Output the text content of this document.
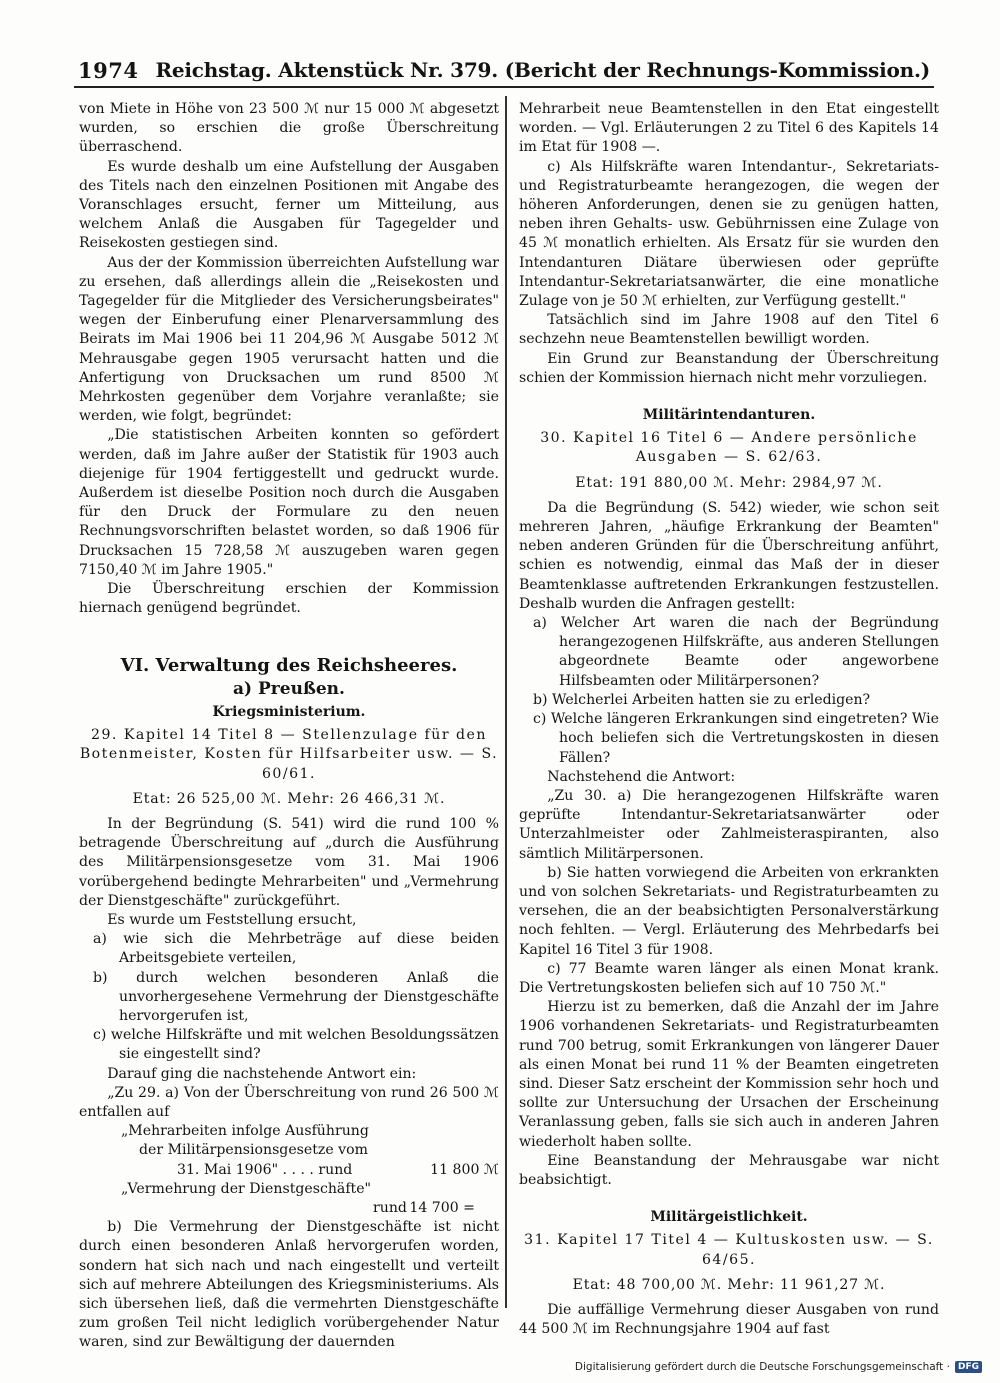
1974 Reichstag. Aktenstück Nr. 379. (Bericht der Rechnungs-Kommission.)

von Miete in Höhe von 23 500 ℳ nur 15 000 ℳ abgesetzt wurden, so erschien die große Überschreitung überraschend.

Es wurde deshalb um eine Aufstellung der Ausgaben des Titels nach den einzelnen Positionen mit Angabe des Voranschlages ersucht, ferner um Mitteilung, aus welchem Anlaß die Ausgaben für Tagegelder und Reisekosten gestiegen sind.

Aus der der Kommission überreichten Aufstellung war zu ersehen, daß allerdings allein die „Reisekosten und Tagegelder für die Mitglieder des Versicherungsbeirates" wegen der Einberufung einer Plenarversammlung des Beirats im Mai 1906 bei 11 204,96 ℳ Ausgabe 5012 ℳ Mehrausgabe gegen 1905 verursacht hatten und die Anfertigung von Drucksachen um rund 8500 ℳ Mehrkosten gegenüber dem Vorjahre veranlaßte; sie werden, wie folgt, begründet:

„Die statistischen Arbeiten konnten so gefördert werden, daß im Jahre außer der Statistik für 1903 auch diejenige für 1904 fertiggestellt und gedruckt wurde. Außerdem ist dieselbe Position noch durch die Ausgaben für den Druck der Formulare zu den neuen Rechnungsvorschriften belastet worden, so daß 1906 für Drucksachen 15 728,58 ℳ auszugeben waren gegen 7150,40 ℳ im Jahre 1905."

Die Überschreitung erschien der Kommission hiernach genügend begründet.

VI. Verwaltung des Reichsheeres.

a) Preußen.

Kriegsministerium.

29. Kapitel 14 Titel 8 — Stellenzulage für den Botenmeister, Kosten für Hilfsarbeiter usw. — S. 60/61.

Etat: 26 525,00 ℳ. Mehr: 26 466,31 ℳ.

In der Begründung (S. 541) wird die rund 100 % betragende Überschreitung auf „durch die Ausführung des Militärpensionsgesetze vom 31. Mai 1906 vorübergehend bedingte Mehrarbeiten" und „Vermehrung der Dienstgeschäfte" zurückgeführt.

Es wurde um Feststellung ersucht,

a) wie sich die Mehrbeträge auf diese beiden Arbeitsgebiete verteilen,

b) durch welchen besonderen Anlaß die unvorhergesehene Vermehrung der Dienstgeschäfte hervorgerufen ist,

c) welche Hilfskräfte und mit welchen Besoldungssätzen sie eingestellt sind?

Darauf ging die nachstehende Antwort ein:

„Zu 29. a) Von der Überschreitung von rund 26 500 ℳ entfallen auf

„Mehrarbeiten infolge Ausführung

der Militärpensionsgesetze vom

31. Mai 1906" . . . . rund	11 800 ℳ

„Vermehrung der Dienstgeschäfte"

rund 14 700 =

b) Die Vermehrung der Dienstgeschäfte ist nicht durch einen besonderen Anlaß hervorgerufen worden, sondern hat sich nach und nach eingestellt und verteilt sich auf mehrere Abteilungen des Kriegsministeriums. Als sich übersehen ließ, daß die vermehrten Dienstgeschäfte zum großen Teil nicht lediglich vorübergehender Natur waren, sind zur Bewältigung der dauernden

Mehrarbeit neue Beamtenstellen in den Etat eingestellt worden. — Vgl. Erläuterungen 2 zu Titel 6 des Kapitels 14 im Etat für 1908 —.

c) Als Hilfskräfte waren Intendantur-, Sekretariats- und Registraturbeamte herangezogen, die wegen der höheren Anforderungen, denen sie zu genügen hatten, neben ihren Gehalts- usw. Gebührnissen eine Zulage von 45 ℳ monatlich erhielten. Als Ersatz für sie wurden den Intendanturen Diätare überwiesen oder geprüfte Intendantur-Sekretariatsanwärter, die eine monatliche Zulage von je 50 ℳ erhielten, zur Verfügung gestellt."

Tatsächlich sind im Jahre 1908 auf den Titel 6 sechzehn neue Beamtenstellen bewilligt worden.

Ein Grund zur Beanstandung der Überschreitung schien der Kommission hiernach nicht mehr vorzuliegen.

Militärintendanturen.

30. Kapitel 16 Titel 6 — Andere persönliche Ausgaben — S. 62/63.

Etat: 191 880,00 ℳ. Mehr: 2984,97 ℳ.

Da die Begründung (S. 542) wieder, wie schon seit mehreren Jahren, „häufige Erkrankung der Beamten" neben anderen Gründen für die Überschreitung anführt, schien es notwendig, einmal das Maß der in dieser Beamtenklasse auftretenden Erkrankungen festzustellen. Deshalb wurden die Anfragen gestellt:

a) Welcher Art waren die nach der Begründung herangezogenen Hilfskräfte, aus anderen Stellungen abgeordnete Beamte oder angeworbene Hilfsbeamten oder Militärpersonen?

b) Welcherlei Arbeiten hatten sie zu erledigen?

c) Welche längeren Erkrankungen sind eingetreten? Wie hoch beliefen sich die Vertretungskosten in diesen Fällen?

Nachstehend die Antwort:

„Zu 30. a) Die herangezogenen Hilfskräfte waren geprüfte Intendantur-Sekretariatsanwärter oder Unterzahlmeister oder Zahlmeisteraspiranten, also sämtlich Militärpersonen.

b) Sie hatten vorwiegend die Arbeiten von erkrankten und von solchen Sekretariats- und Registraturbeamten zu versehen, die an der beabsichtigten Personalverstärkung noch fehlten. — Vergl. Erläuterung des Mehrbedarfs bei Kapitel 16 Titel 3 für 1908.

c) 77 Beamte waren länger als einen Monat krank. Die Vertretungskosten beliefen sich auf 10 750 ℳ."

Hierzu ist zu bemerken, daß die Anzahl der im Jahre 1906 vorhandenen Sekretariats- und Registraturbeamten rund 700 betrug, somit Erkrankungen von längerer Dauer als einen Monat bei rund 11 % der Beamten eingetreten sind. Dieser Satz erscheint der Kommission sehr hoch und sollte zur Untersuchung der Ursachen der Erscheinung Veranlassung geben, falls sie sich auch in anderen Jahren wiederholt haben sollte.

Eine Beanstandung der Mehrausgabe war nicht beabsichtigt.

Militärgeistlichkeit.

31. Kapitel 17 Titel 4 — Kultuskosten usw. — S. 64/65.

Etat: 48 700,00 ℳ. Mehr: 11 961,27 ℳ.

Die auffällige Vermehrung dieser Ausgaben von rund 44 500 ℳ im Rechnungsjahre 1904 auf fast

Digitalisierung gefördert durch die Deutsche Forschungsgemeinschaft · DFG
